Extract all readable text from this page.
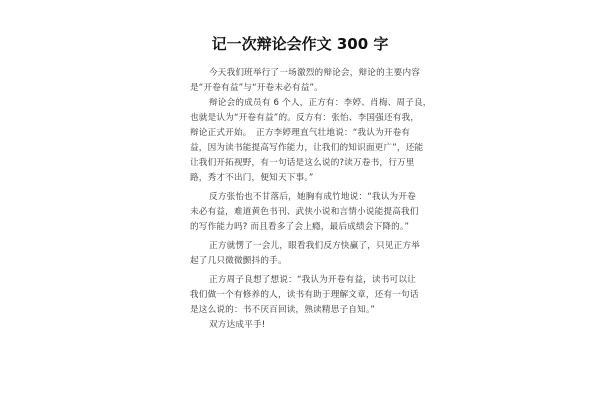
记一次辩论会作文 300 字
今天我们班举行了一场激烈的辩论会，辩论的主要内容
是“开卷有益”与“开卷未必有益”。
辩论会的成员有 6 个人，正方有：李婷、肖梅、周子良，
也就是认为“开卷有益”的。反方有：张怡、李国强还有我，
辩论正式开始。　正方李婷理直气壮地说：“我认为开卷有
益，因为读书能提高写作能力，让我们的知识面更广”，还能
让我们开拓视野，有一句话是这么说的?读万卷书，行万里
路，秀才不出门，便知天下事。”
反方张怡也不甘落后，她胸有成竹地说：“我认为开卷
未必有益，难道黄色书刊、武侠小说和言情小说能提高我们
的写作能力吗? 而且看多了会上瘾，最后成绩会下降的。”
正方就愣了一会儿，眼看我们反方快赢了，只见正方举
起了几只微微颤抖的手。
正方周子良想了想说：“我认为开卷有益，读书可以让
我们做一个有修养的人，读书有助于理解文章，还有一句话
是这么说的：书不厌百回读，熟读精思子自知。”
双方达成平手!
